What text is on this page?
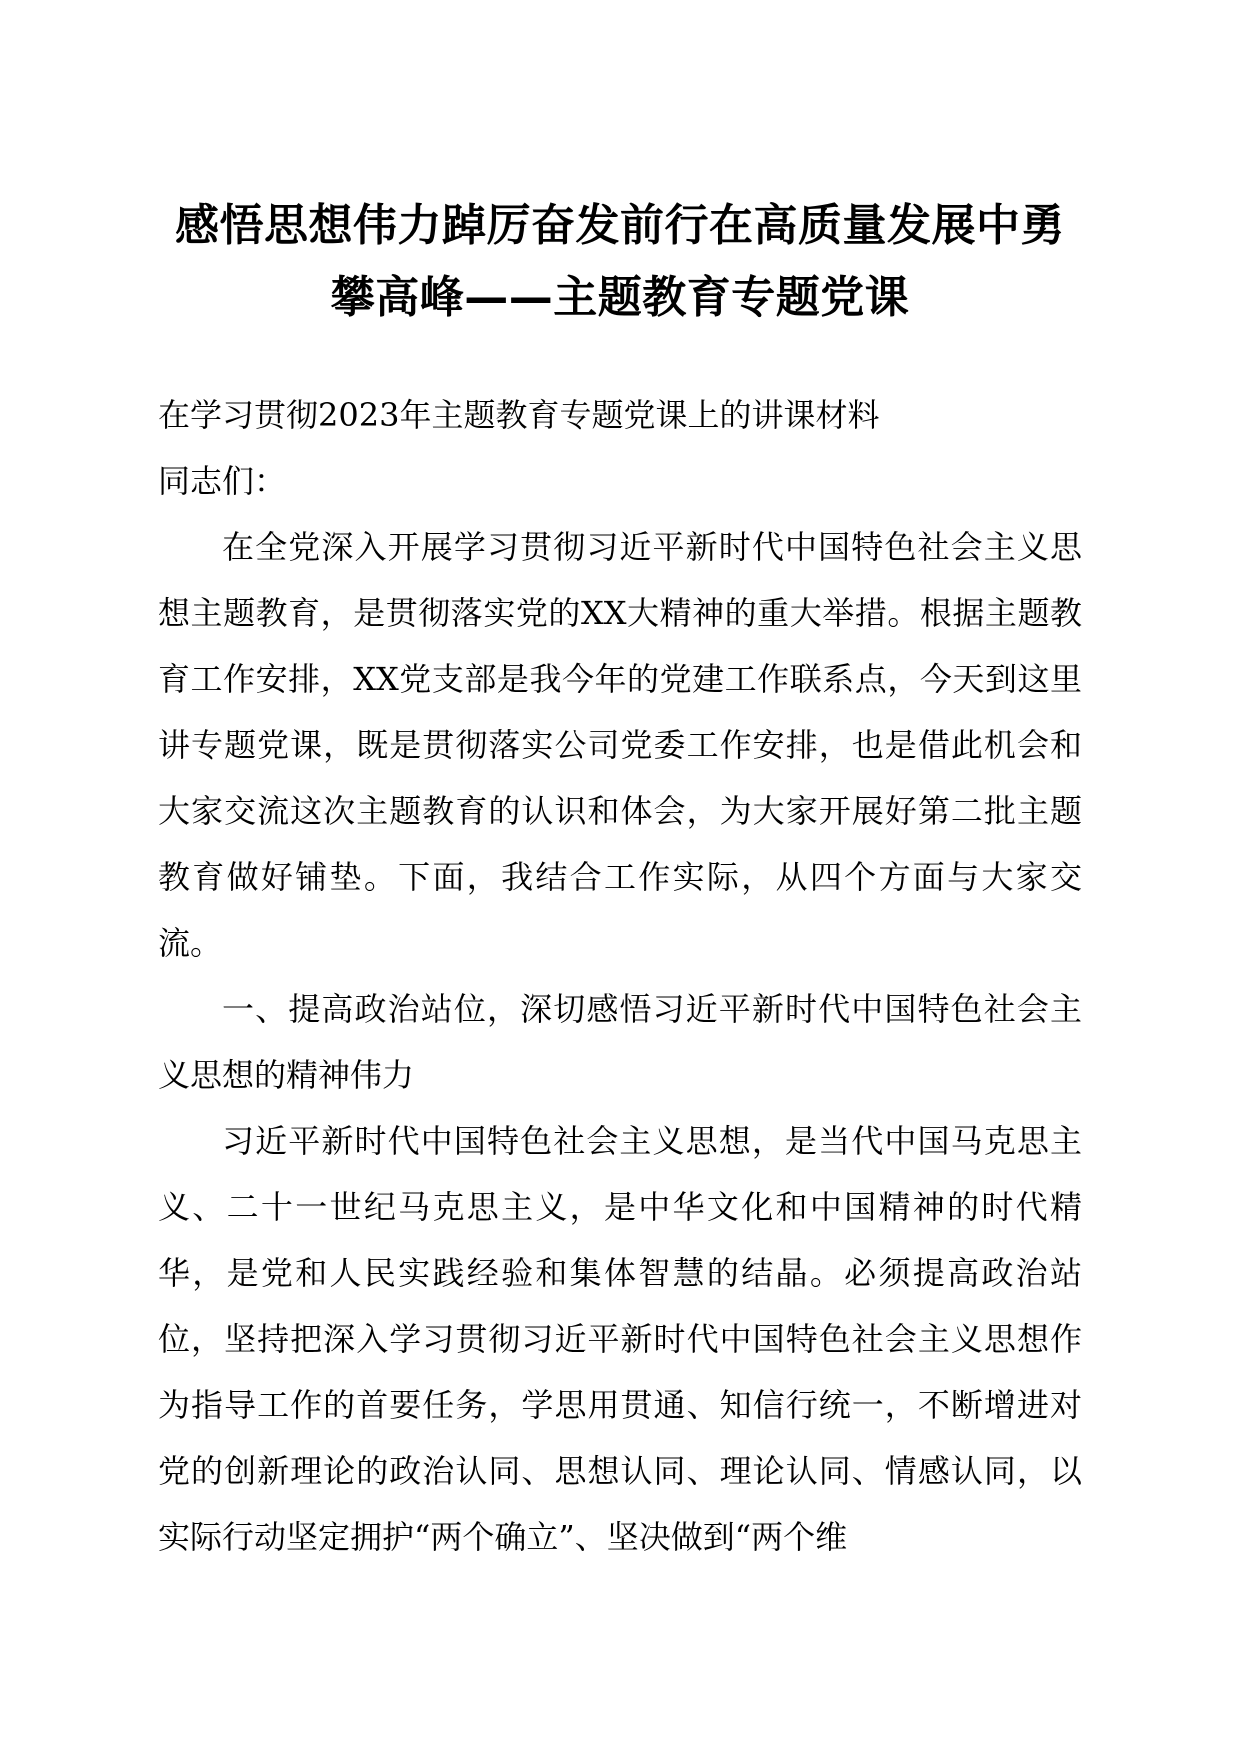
感悟思想伟力踔厉奋发前行在高质量发展中勇
攀高峰——主题教育专题党课

在学习贯彻2023年主题教育专题党课上的讲课材料

同志们：

在全党深入开展学习贯彻习近平新时代中国特色社会主义思想主题教育，是贯彻落实党的XX大精神的重大举措。根据主题教育工作安排，XX党支部是我今年的党建工作联系点，今天到这里讲专题党课，既是贯彻落实公司党委工作安排，也是借此机会和大家交流这次主题教育的认识和体会，为大家开展好第二批主题教育做好铺垫。下面，我结合工作实际，从四个方面与大家交流。

一、提高政治站位，深切感悟习近平新时代中国特色社会主义思想的精神伟力

习近平新时代中国特色社会主义思想，是当代中国马克思主义、二十一世纪马克思主义，是中华文化和中国精神的时代精华，是党和人民实践经验和集体智慧的结晶。必须提高政治站位，坚持把深入学习贯彻习近平新时代中国特色社会主义思想作为指导工作的首要任务，学思用贯通、知信行统一，不断增进对党的创新理论的政治认同、思想认同、理论认同、情感认同，以实际行动坚定拥护“两个确立”、坚决做到“两个维
